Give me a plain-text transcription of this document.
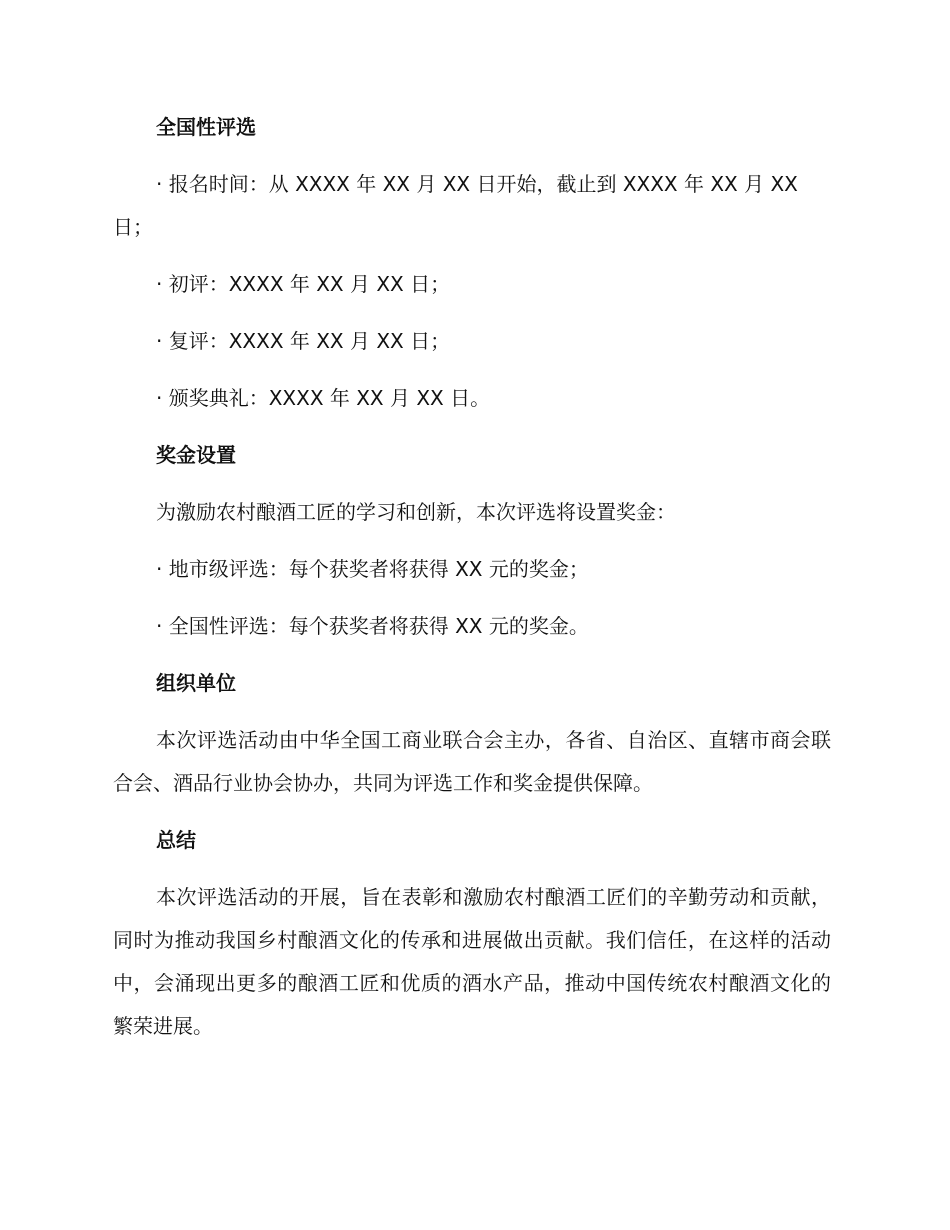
全国性评选
· 报名时间：从 XXXX 年 XX 月 XX 日开始，截止到 XXXX 年 XX 月 XX 日；
· 初评：XXXX 年 XX 月 XX 日；
· 复评：XXXX 年 XX 月 XX 日；
· 颁奖典礼：XXXX 年 XX 月 XX 日。
奖金设置
为激励农村酿酒工匠的学习和创新，本次评选将设置奖金：
· 地市级评选：每个获奖者将获得 XX 元的奖金；
· 全国性评选：每个获奖者将获得 XX 元的奖金。
组织单位
本次评选活动由中华全国工商业联合会主办，各省、自治区、直辖市商会联合会、酒品行业协会协办，共同为评选工作和奖金提供保障。
总结
本次评选活动的开展，旨在表彰和激励农村酿酒工匠们的辛勤劳动和贡献，同时为推动我国乡村酿酒文化的传承和进展做出贡献。我们信任，在这样的活动中，会涌现出更多的酿酒工匠和优质的酒水产品，推动中国传统农村酿酒文化的繁荣进展。
